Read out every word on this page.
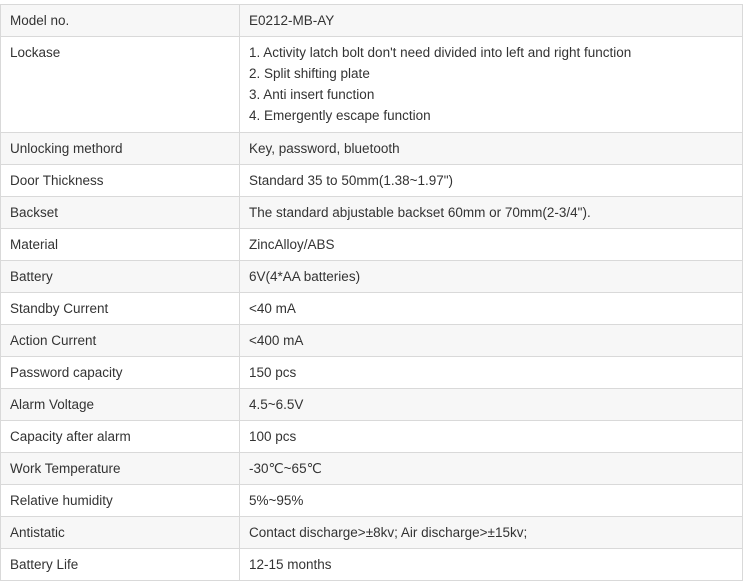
Model no.	E0212-MB-AY
Lockase	1. Activity latch bolt don't need divided into left and right function
2. Split shifting plate
3. Anti insert function
4. Emergently escape function

Unlocking methord	Key, password, bluetooth
Door Thickness	Standard 35 to 50mm(1.38~1.97")
Backset	The standard abjustable backset 60mm or 70mm(2-3/4").
Material	ZincAlloy/ABS
Battery	6V(4*AA batteries)
Standby Current	<40 mA
Action Current	<400 mA
Password capacity	150 pcs
Alarm Voltage	4.5~6.5V
Capacity after alarm	100 pcs
Work Temperature	-30℃~65℃
Relative humidity	5%~95%
Antistatic	Contact discharge>±8kv; Air discharge>±15kv;
Battery Life	12-15 months
